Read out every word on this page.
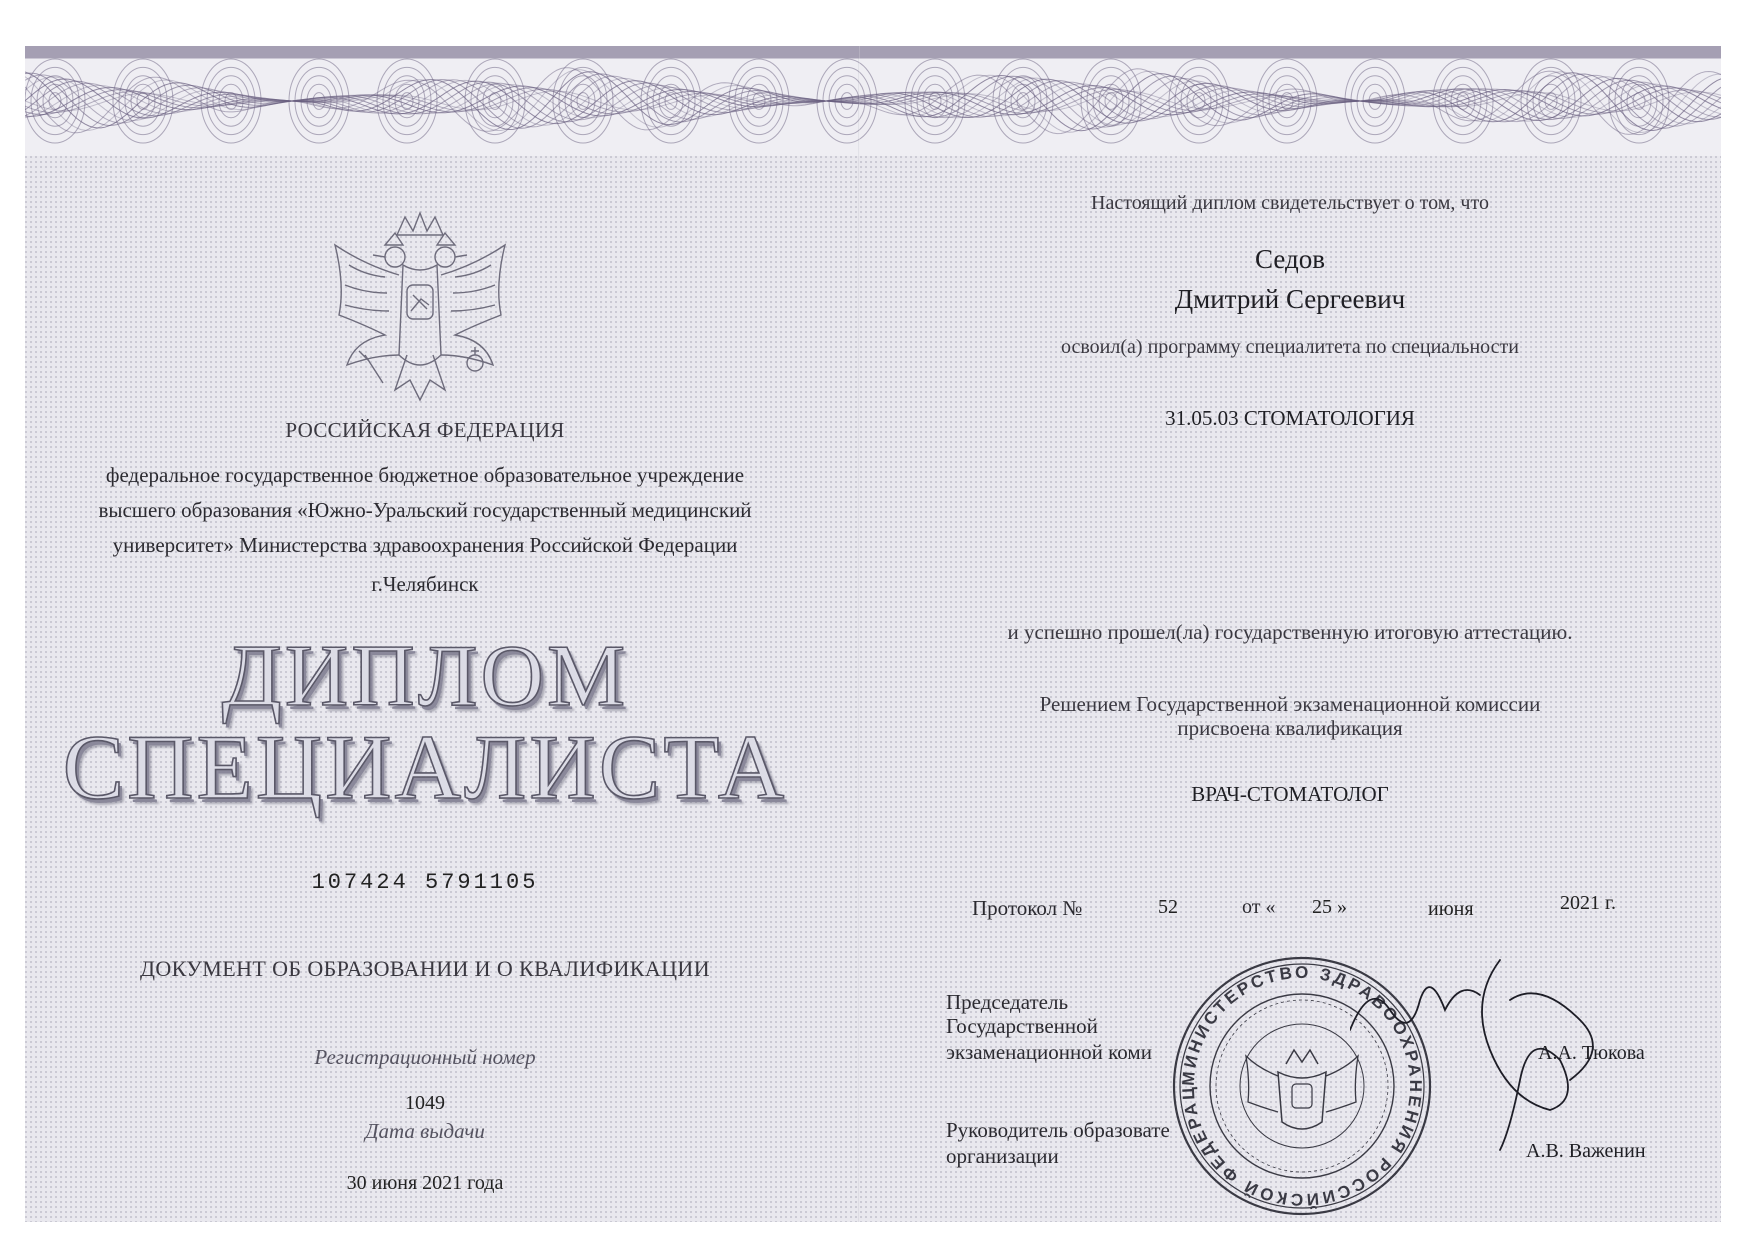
РОССИЙСКАЯ ФЕДЕРАЦИЯ
федеральное государственное бюджетное образовательное учреждение
высшего образования «Южно-Уральский государственный медицинский
университет» Министерства здравоохранения Российской Федерации
г.Челябинск
ДИПЛОМ
СПЕЦИАЛИСТА
107424 5791105
ДОКУМЕНТ ОБ ОБРАЗОВАНИИ И О КВАЛИФИКАЦИИ
Регистрационный номер
1049
Дата выдачи
30 июня 2021 года
Настоящий диплом свидетельствует о том, что
Седов
Дмитрий Сергеевич
освоил(а) программу специалитета по специальности
31.05.03 СТОМАТОЛОГИЯ
и успешно прошел(ла) государственную итоговую аттестацию.
Решением Государственной экзаменационной комиссии
присвоена квалификация
ВРАЧ-СТОМАТОЛОГ
Протокол №	52	от « 25 »	июня	2021 г.
Председатель
Государственной
экзаменационной коми	А.А. Тюкова
Руководитель образовате
организации	А.В. Важенин
МИНИСТЕРСТВО ЗДРАВООХРАНЕНИЯ РОССИЙСКОЙ ФЕДЕРАЦ
